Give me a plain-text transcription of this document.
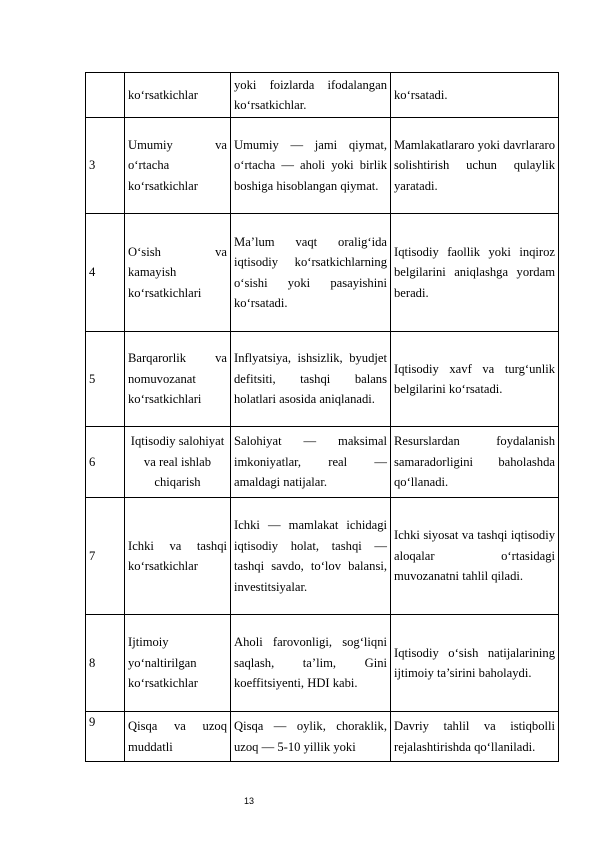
	ko‘rsatkichlar	yoki foizlarda ifodalangan ko‘rsatkichlar.	ko‘rsatadi.
3	Umumiy va o‘rtacha ko‘rsatkichlar	Umumiy — jami qiymat, o‘rtacha — aholi yoki birlik boshiga hisoblangan qiymat.	Mamlakatlararo yoki davrlararo solishtirish uchun qulaylik yaratadi.
4	O‘sish va kamayish ko‘rsatkichlari	Ma’lum vaqt oralig‘ida iqtisodiy ko‘rsatkichlarning o‘sishi yoki pasayishini ko‘rsatadi.	Iqtisodiy faollik yoki inqiroz belgilarini aniqlashga yordam beradi.
5	Barqarorlik va nomuvozanat ko‘rsatkichlari	Inflyatsiya, ishsizlik, byudjet defitsiti, tashqi balans holatlari asosida aniqlanadi.	Iqtisodiy xavf va turg‘unlik belgilarini ko‘rsatadi.
6	Iqtisodiy salohiyat va real ishlab chiqarish	Salohiyat — maksimal imkoniyatlar, real — amaldagi natijalar.	Resurslardan foydalanish samaradorligini baholashda qo‘llanadi.
7	Ichki va tashqi ko‘rsatkichlar	Ichki — mamlakat ichidagi iqtisodiy holat, tashqi — tashqi savdo, to‘lov balansi, investitsiyalar.	Ichki siyosat va tashqi iqtisodiy aloqalar o‘rtasidagi muvozanatni tahlil qiladi.
8	Ijtimoiy yo‘naltirilgan ko‘rsatkichlar	Aholi farovonligi, sog‘liqni saqlash, ta’lim, Gini koeffitsiyenti, HDI kabi.	Iqtisodiy o‘sish natijalarining ijtimoiy ta’sirini baholaydi.
9	Qisqa va uzoq muddatli	Qisqa — oylik, choraklik, uzoq — 5-10 yillik yoki	Davriy tahlil va istiqbolli rejalashtirishda qo‘llaniladi.
13
